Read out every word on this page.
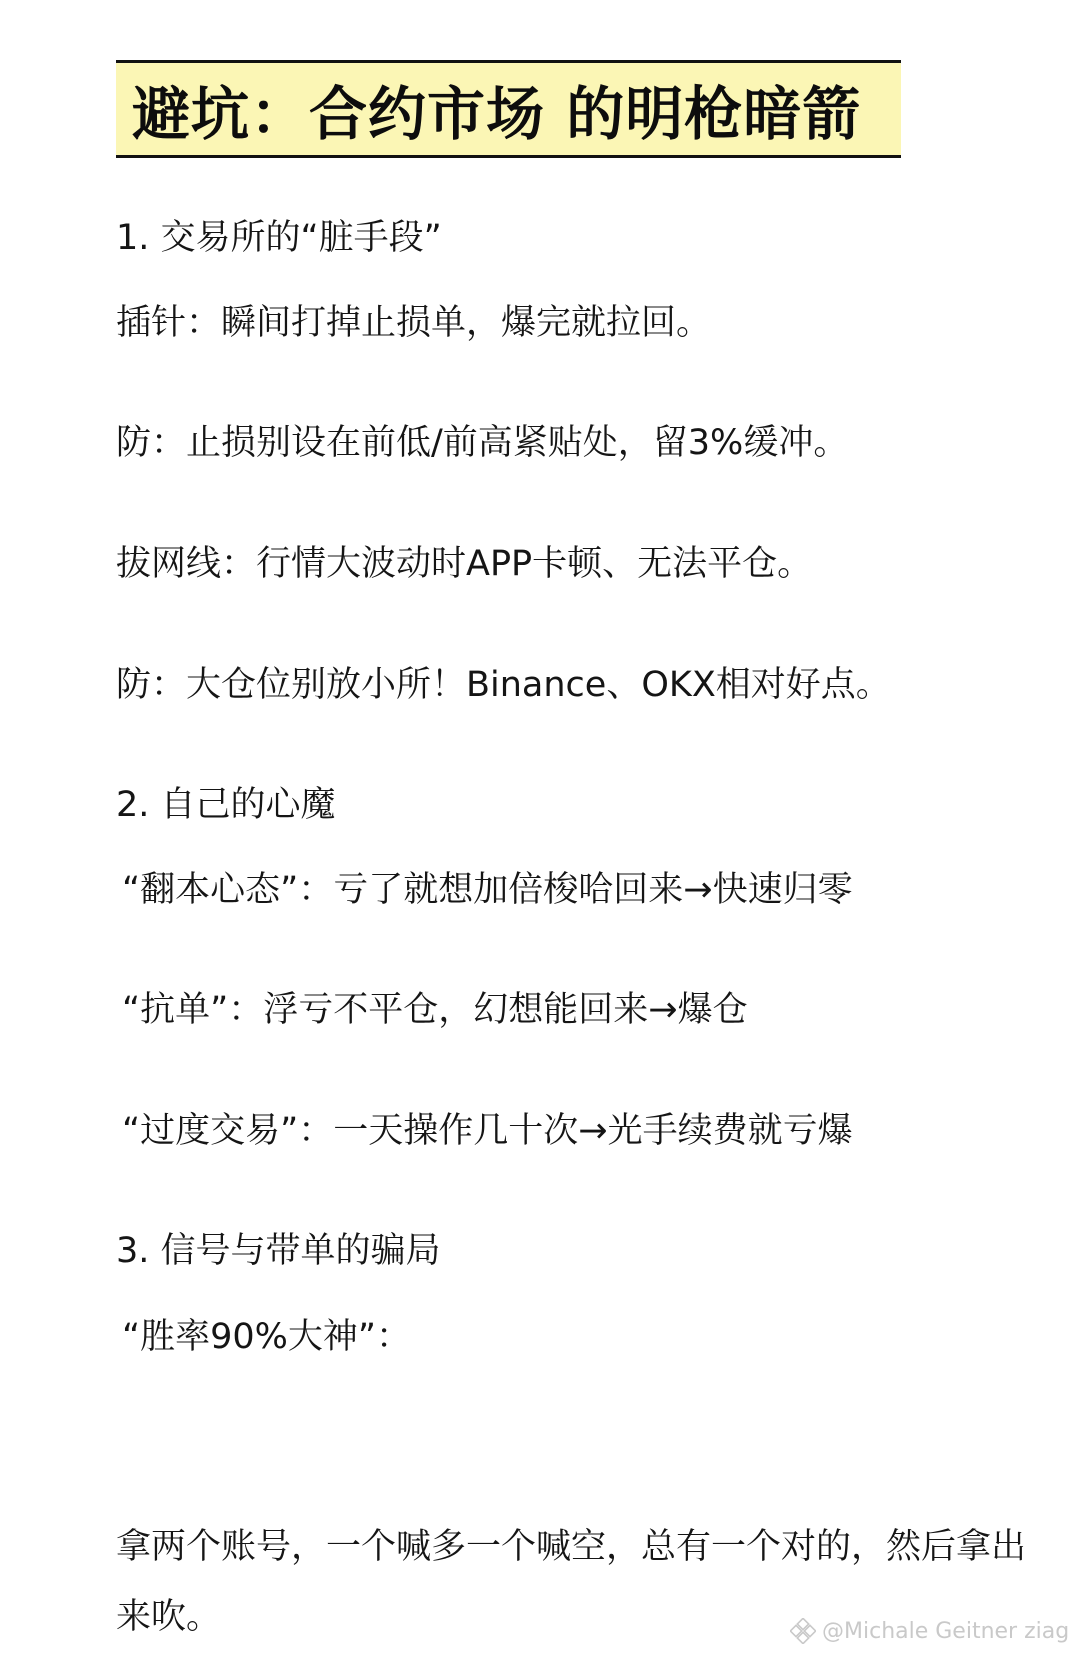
避坑：合约市场 的明枪暗箭
1. 交易所的“脏手段”
插针：瞬间打掉止损单，爆完就拉回。
防：止损别设在前低/前高紧贴处，留3%缓冲。
拔网线：行情大波动时APP卡顿、无法平仓。
防：大仓位别放小所！Binance、OKX相对好点。
2. 自己的心魔
“翻本心态”：亏了就想加倍梭哈回来→快速归零
“抗单”：浮亏不平仓，幻想能回来→爆仓
“过度交易”：一天操作几十次→光手续费就亏爆
3. 信号与带单的骗局
“胜率90%大神”：
拿两个账号，一个喊多一个喊空，总有一个对的，然后拿出来吹。	@Michale Geitner ziag
